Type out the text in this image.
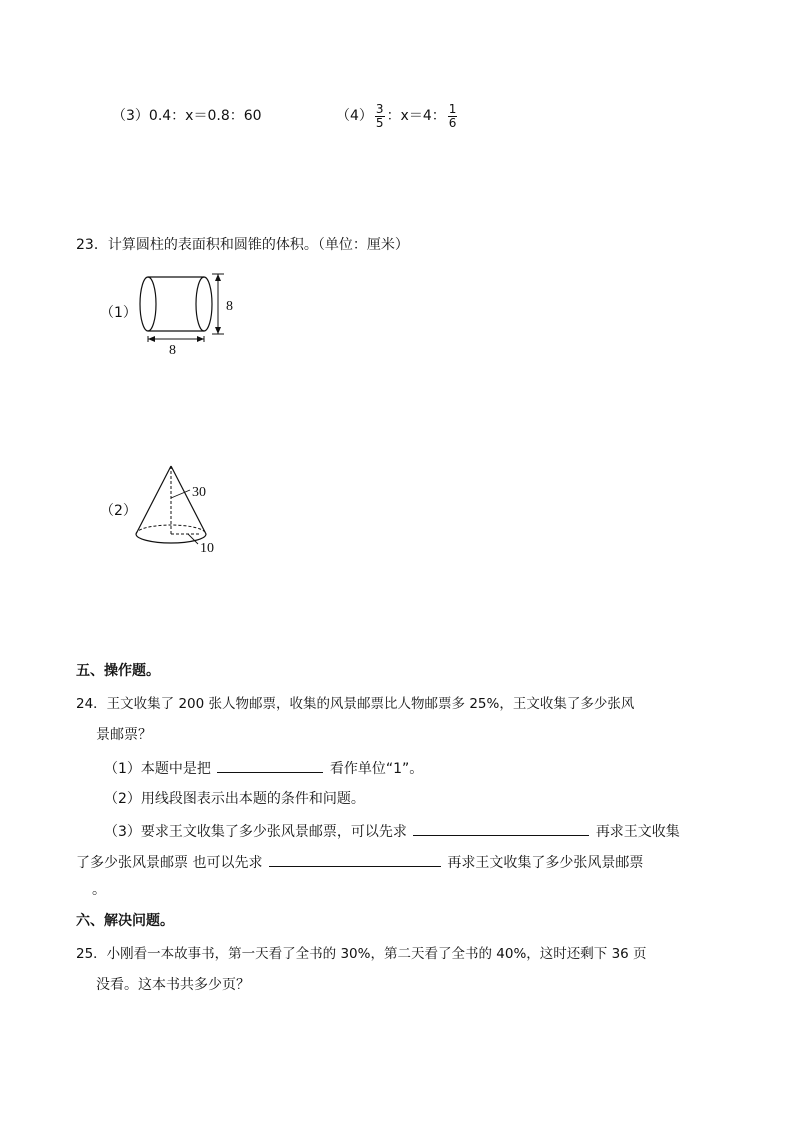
（3）0.4：x＝0.8：60	$(4) \frac{3}{5}$ ：x＝4： $\frac{1}{6}$
23．计算圆柱的表面积和圆锥的体积。（单位：厘米）
（1）	8
8
（2）
30
10
五、操作题。
24．王文收集了 200 张人物邮票，收集的风景邮票比人物邮票多 25%，王文收集了多少张风
景邮票？
（1）本题中是把	看作单位“1”。
（2）用线段图表示出本题的条件和问题。
（3）要求王文收集了多少张风景邮票，可以先求	再求王文收集
了多少张风景邮票 也可以先求	再求王文收集了多少张风景邮票
。
六、解决问题。
25．小刚看一本故事书，第一天看了全书的 30%，第二天看了全书的 40%，这时还剩下 36 页
没看。这本书共多少页？
